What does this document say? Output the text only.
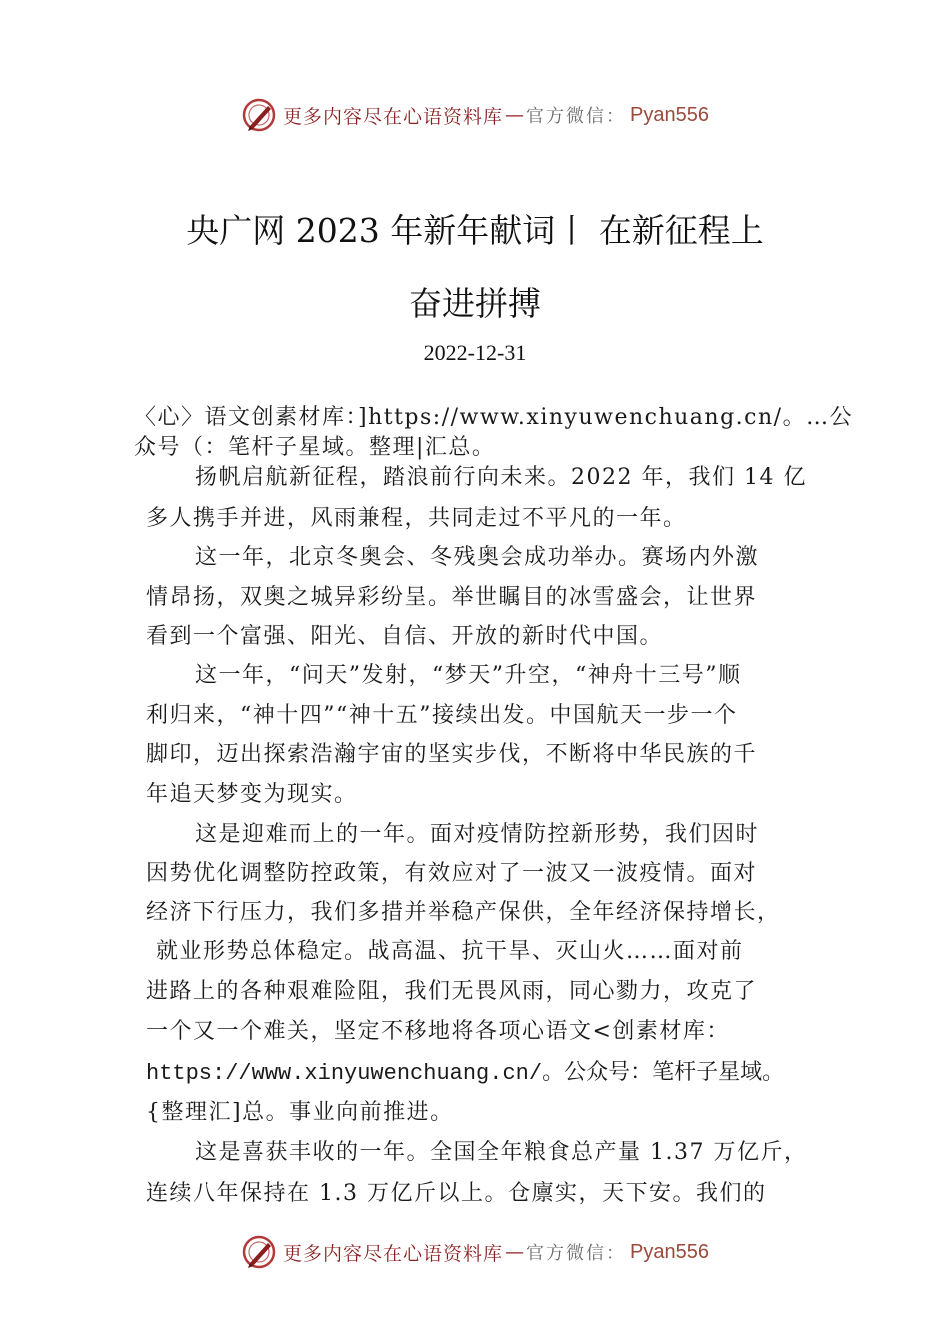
更多内容尽在心语资料库 — 官方微信： Pyan556
央广网 2023 年新年献词丨 在新征程上
奋进拼搏
2022-12-31
〈心〉语文创素材库：]https://www.xinyuwenchuang.cn/。…公
众号（：笔杆子星域。整理|汇总。
扬帆启航新征程，踏浪前行向未来。2022 年，我们 14 亿
多人携手并进，风雨兼程，共同走过不平凡的一年。
这一年，北京冬奥会、冬残奥会成功举办。赛场内外激
情昂扬，双奥之城异彩纷呈。举世瞩目的冰雪盛会，让世界
看到一个富强、阳光、自信、开放的新时代中国。
这一年，“问天”发射，“梦天”升空，“神舟十三号”顺
利归来，“神十四”“神十五”接续出发。中国航天一步一个
脚印，迈出探索浩瀚宇宙的坚实步伐，不断将中华民族的千
年追天梦变为现实。
这是迎难而上的一年。面对疫情防控新形势，我们因时
因势优化调整防控政策，有效应对了一波又一波疫情。面对
经济下行压力，我们多措并举稳产保供，全年经济保持增长，
就业形势总体稳定。战高温、抗干旱、灭山火……面对前
进路上的各种艰难险阻，我们无畏风雨，同心勠力，攻克了
一个又一个难关，坚定不移地将各项心语文<创素材库：
https://www.xinyuwenchuang.cn/。公众号：笔杆子星域。
{整理汇]总。事业向前推进。
这是喜获丰收的一年。全国全年粮食总产量 1.37 万亿斤，
连续八年保持在 1.3 万亿斤以上。仓廪实，天下安。我们的
更多内容尽在心语资料库 — 官方微信： Pyan556
